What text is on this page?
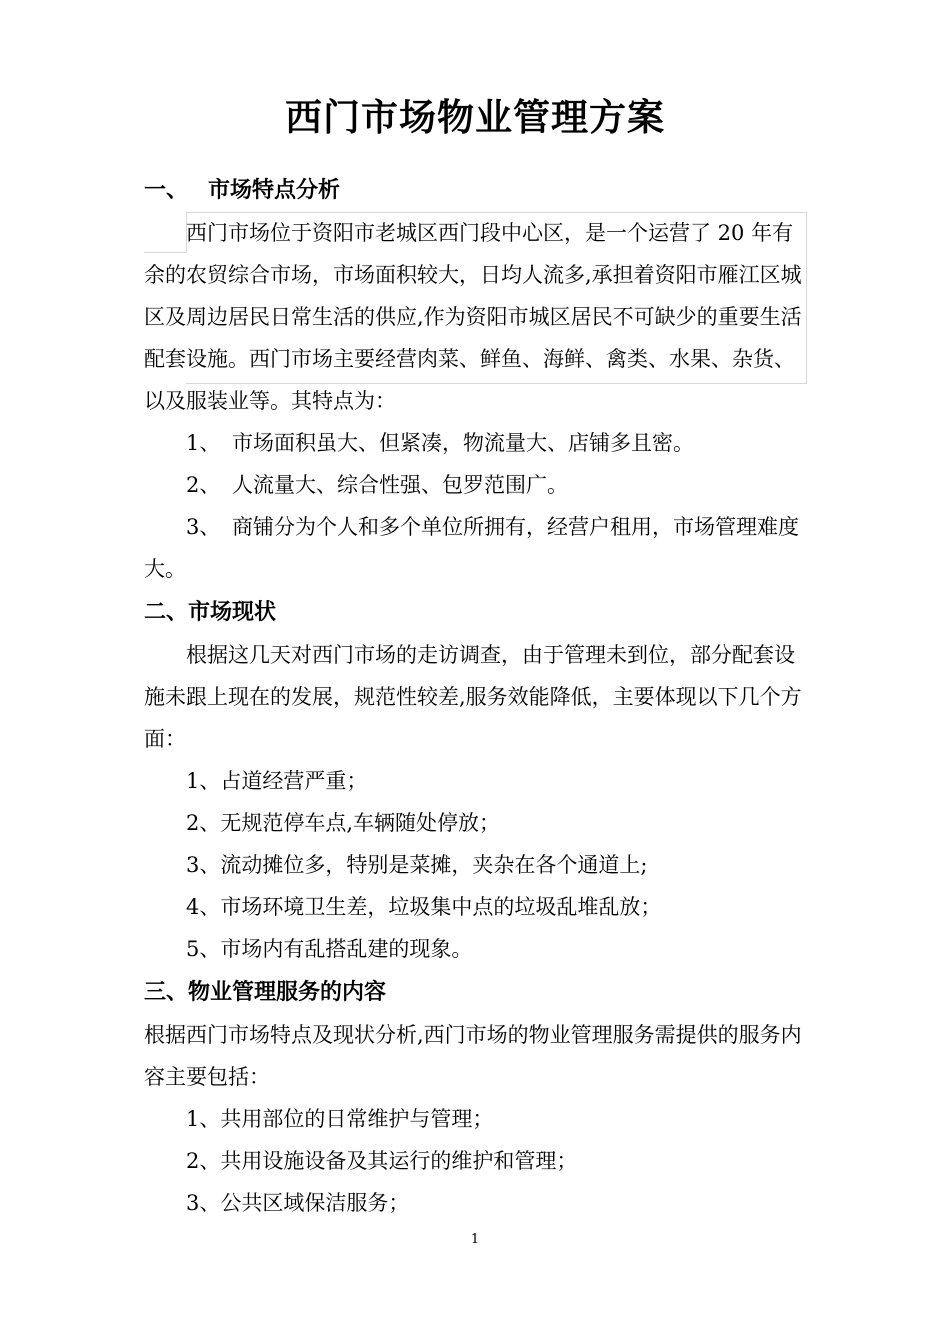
西门市场物业管理方案

一、 市场特点分析

西门市场位于资阳市老城区西门段中心区，是一个运营了 20 年有余的农贸综合市场，市场面积较大，日均人流多,承担着资阳市雁江区城区及周边居民日常生活的供应,作为资阳市城区居民不可缺少的重要生活配套设施。西门市场主要经营肉菜、鲜鱼、海鲜、禽类、水果、杂货、以及服装业等。其特点为：

1、 市场面积虽大、但紧凑，物流量大、店铺多且密。

2、 人流量大、综合性强、包罗范围广。

3、 商铺分为个人和多个单位所拥有，经营户租用，市场管理难度大。

二、市场现状

根据这几天对西门市场的走访调查，由于管理未到位，部分配套设施未跟上现在的发展，规范性较差,服务效能降低，主要体现以下几个方面：

1、占道经营严重；

2、无规范停车点,车辆随处停放；

3、流动摊位多，特别是菜摊，夹杂在各个通道上;

4、市场环境卫生差，垃圾集中点的垃圾乱堆乱放；

5、市场内有乱搭乱建的现象。

三、物业管理服务的内容

根据西门市场特点及现状分析,西门市场的物业管理服务需提供的服务内容主要包括：

1、共用部位的日常维护与管理；

2、共用设施设备及其运行的维护和管理；

3、公共区域保洁服务；

1
